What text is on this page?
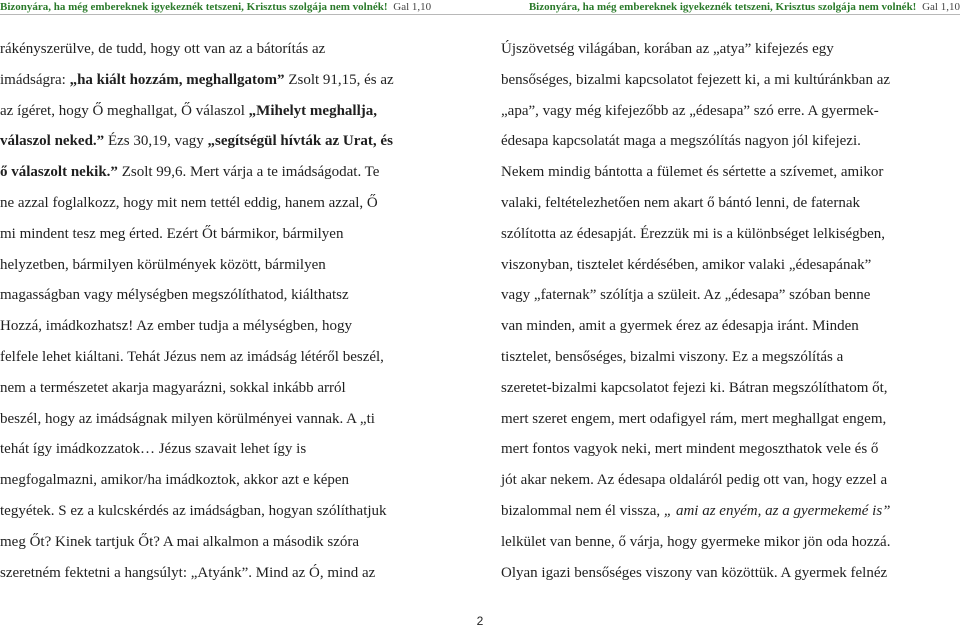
Bizonyára, ha még embereknek igyekeznék tetszeni, Krisztus szolgája nem volnék! Gal 1,10	Bizonyára, ha még embereknek igyekeznék tetszeni, Krisztus szolgája nem volnék! Gal 1,10
rákényszerülve, de tudd, hogy ott van az a bátorítás az
imádságra: „ha kiált hozzám, meghallgatom” Zsolt 91,15, és az
az ígéret, hogy Ő meghallgat, Ő válaszol „Mihelyt meghallja,
válaszol neked.” Ézs 30,19, vagy „segítségül hívták az Urat, és
ő válaszolt nekik.” Zsolt 99,6. Mert várja a te imádságodat. Te
ne azzal foglalkozz, hogy mit nem tettél eddig, hanem azzal, Ő
mi mindent tesz meg érted. Ezért Őt bármikor, bármilyen
helyzetben, bármilyen körülmények között, bármilyen
magasságban vagy mélységben megszólíthatod, kiálthatsz
Hozzá, imádkozhatsz! Az ember tudja a mélységben, hogy
felfele lehet kiáltani. Tehát Jézus nem az imádság létéről beszél,
nem a természetet akarja magyarázni, sokkal inkább arról
beszél, hogy az imádságnak milyen körülményei vannak. A „ti
tehát így imádkozzatok… Jézus szavait lehet így is
megfogalmazni, amikor/ha imádkoztok, akkor azt e képen
tegyétek. S ez a kulcskérdés az imádságban, hogyan szólíthatjuk
meg Őt? Kinek tartjuk Őt? A mai alkalmon a második szóra
szeretném fektetni a hangsúlyt: „Atyánk”. Mind az Ó, mind az
Újszövetség világában, korában az „atya” kifejezés egy
bensőséges, bizalmi kapcsolatot fejezett ki, a mi kultúránkban az
„apa”, vagy még kifejezőbb az „édesapa” szó erre. A gyermek-
édesapa kapcsolatát maga a megszólítás nagyon jól kifejezi.
Nekem mindig bántotta a fülemet és sértette a szívemet, amikor
valaki, feltételezhetően nem akart ő bántó lenni, de faternak
szólította az édesapját. Érezzük mi is a különbséget lelkiségben,
viszonyban, tisztelet kérdésében, amikor valaki „édesapának”
vagy „faternak” szólítja a szüleit. Az „édesapa” szóban benne
van minden, amit a gyermek érez az édesapja iránt. Minden
tisztelet, bensőséges, bizalmi viszony. Ez a megszólítás a
szeretet-bizalmi kapcsolatot fejezi ki. Bátran megszólíthatom őt,
mert szeret engem, mert odafigyel rám, mert meghallgat engem,
mert fontos vagyok neki, mert mindent megoszthatok vele és ő
jót akar nekem. Az édesapa oldaláról pedig ott van, hogy ezzel a
bizalommal nem él vissza, „ ami az enyém, az a gyermekemé is”
lelkület van benne, ő várja, hogy gyermeke mikor jön oda hozzá.
Olyan igazi bensőséges viszony van közöttük. A gyermek felnéz
2
